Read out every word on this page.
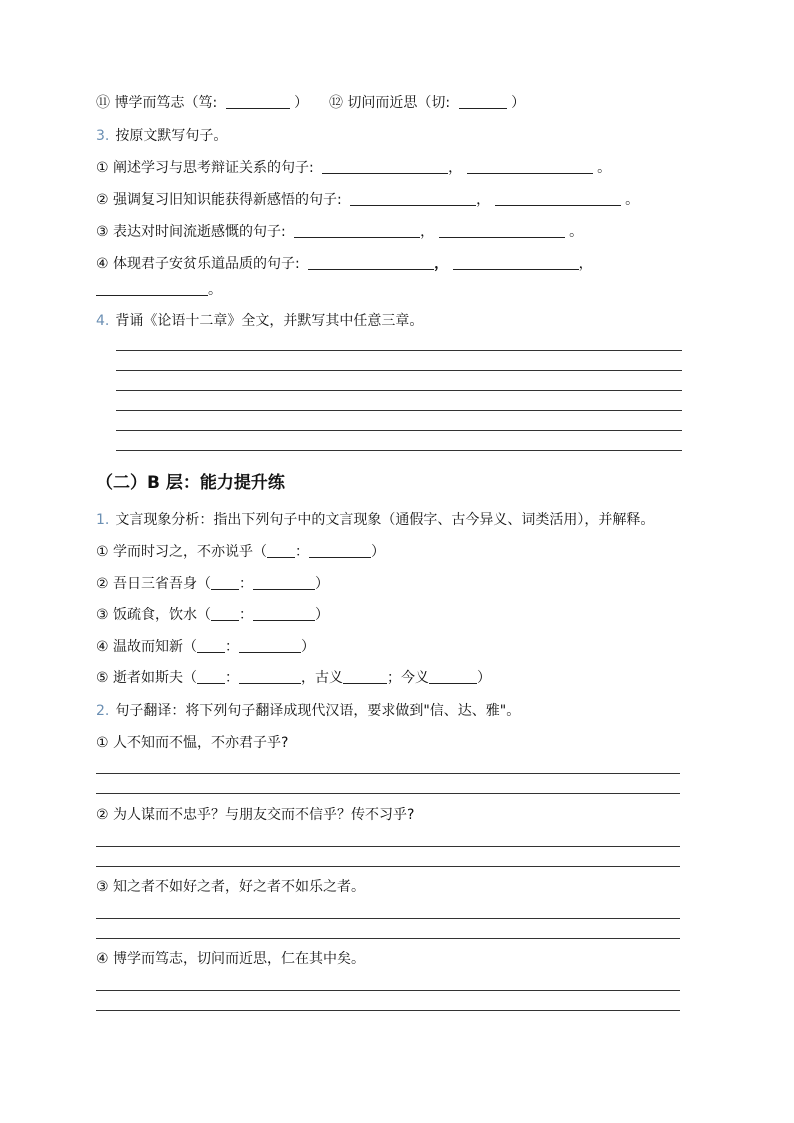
⑪ 博学而笃志（笃:	） ⑫ 切问而近思（切:	）
3. 按原文默写句子。
① 阐述学习与思考辩证关系的句子:	，	。
② 强调复习旧知识能获得新感悟的句子:	，	。
③ 表达对时间流逝感慨的句子:	，	。
④ 体现君子安贫乐道品质的句子:	，	，
。
4. 背诵《论语十二章》全文，并默写其中任意三章。
（二）B 层：能力提升练
1. 文言现象分析：指出下列句子中的文言现象（通假字、古今异义、词类活用），并解释。
① 学而时习之，不亦说乎（ ：	）
② 吾日三省吾身（ ：	）
③ 饭疏食，饮水（ ：	）
④ 温故而知新（ ：	）
⑤ 逝者如斯夫（ ：	，古义	；今义	）
2. 句子翻译：将下列句子翻译成现代汉语，要求做到"信、达、雅"。
① 人不知而不愠，不亦君子乎?
② 为人谋而不忠乎？与朋友交而不信乎？传不习乎?
③ 知之者不如好之者，好之者不如乐之者。
④ 博学而笃志，切问而近思，仁在其中矣。
